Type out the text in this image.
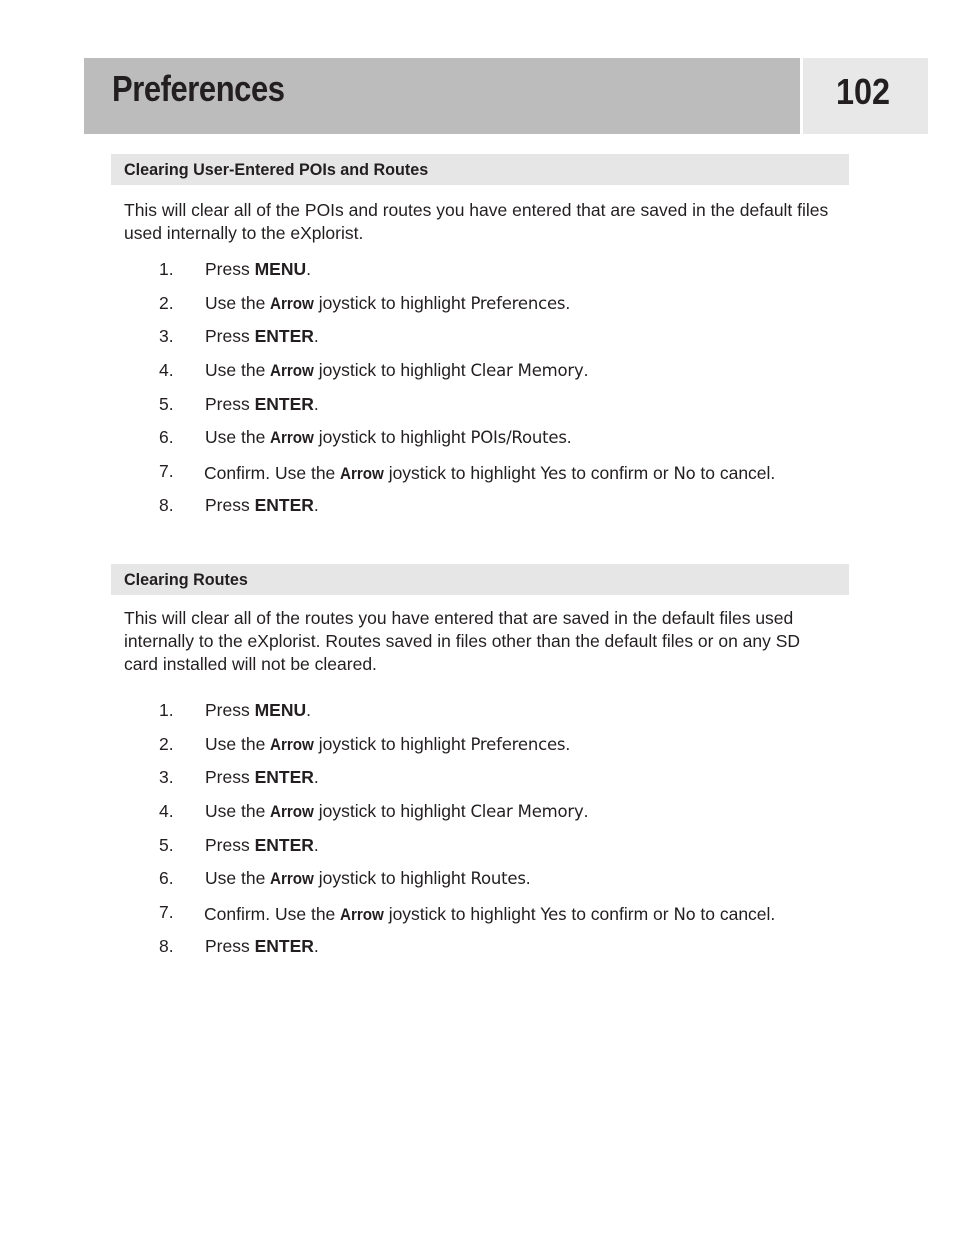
Preferences	102
Clearing User-Entered POIs and Routes

This will clear all of the POIs and routes you have entered that are saved in the default files
used internally to the eXplorist.

1. Press MENU.
2. Use the Arrow joystick to highlight Preferences.
3. Press ENTER.
4. Use the Arrow joystick to highlight Clear Memory.
5. Press ENTER.
6. Use the Arrow joystick to highlight POIs/Routes.
7. Confirm. Use the Arrow joystick to highlight Yes to confirm or No to cancel.
8. Press ENTER.
Clearing Routes

This will clear all of the routes you have entered that are saved in the default files used
internally to the eXplorist. Routes saved in files other than the default files or on any SD
card installed will not be cleared.

1. Press MENU.
2. Use the Arrow joystick to highlight Preferences.
3. Press ENTER.
4. Use the Arrow joystick to highlight Clear Memory.
5. Press ENTER.
6. Use the Arrow joystick to highlight Routes.
7. Confirm. Use the Arrow joystick to highlight Yes to confirm or No to cancel.
8. Press ENTER.
